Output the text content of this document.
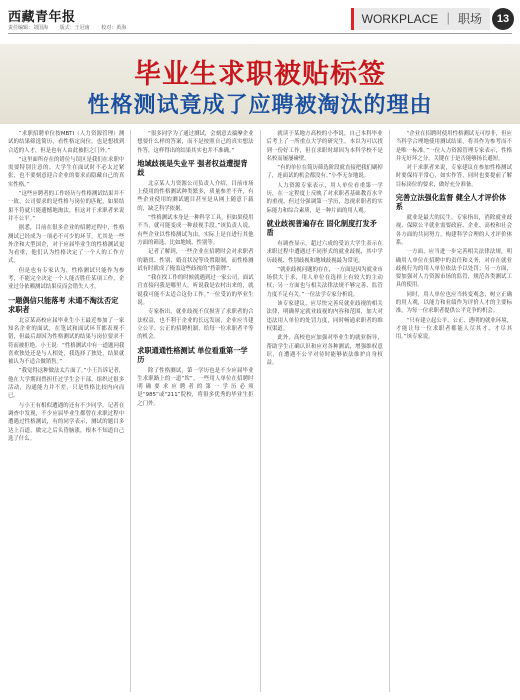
西藏青年报
责任编辑：刘国海 版式：王冠南 校对：黄海
WORKPLACE ｜ 职场	13
毕业生求职被贴标签
性格测试竟成了应聘被淘汰的理由

“求职招聘单位按MBTI（人力资源管理）测试的结果筛选简历，看性格定岗位，也是想找到合适的人才，但是也有人由此被拒之门外。”

“这里面所存在的错位与误区是我们在求职中需要特别注意的。大学生在面试时不必太过紧张，也不要刻意迎合企业的要求而隐藏自己的真实性格。”

“这些应聘者的工作经历与性格测试结果并不一致，公司要求的是性格与岗位的匹配，如果结果不符就只能遗憾地淘汰，但这对于求职者来说并不公平。”

据悉，目前在很多企业的招聘过程中，性格测试已经成为一项必不可少的环节，尤其是一些外企和大型国企，对于应届毕业生的性格测试更为看重，他们认为性格决定了一个人的工作方式。

但是也有专家认为，性格测试只能作为参考，不能完全决定一个人能否胜任某项工作，企业过分依赖测试结果反而会错失人才。

一题偶信只能落考 未通不淘汰否定求职者

北京某高校应届毕业生小王最近参加了一家知名企业的面试，在笔试和面试环节都表现不错，但最后却因为性格测试的结果与岗位要求不符而被拒绝。小王说：“性格测试中有一道题问我喜欢独处还是与人相处，我选择了独处，结果就被认为不适合做销售。”

“我觉得这种做法太片面了。”小王告诉记者，他在大学期间曾担任过学生会干部，组织过很多活动，沟通能力并不差，只是性格比较内向而已。

与小王有相似遭遇的还有不少同学。记者在调查中发现，不少应届毕业生都曾在求职过程中遭遇过性格测试，有的同学表示，测试的题目多达上百道，做完之后头昏脑涨，根本不知道自己选了什么。

“很多同学为了通过测试，会刻意去揣摩企业想要什么样的答案，而不是按照自己的真实想法作答，这样得出的结果其实也并不准确。”

地域歧视是失业平 强者权益遭提背歧

北京某人力资源公司负责人介绍，目前市场上使用的性格测试种类繁多，质量参差不齐，有些企业使用的测试题目甚至是从网上随意下载的，缺乏科学依据。

“性格测试本身是一种科学工具，但如果使用不当，就可能变成一种歧视手段。”该负责人说，有些企业以性格测试为由，实际上是在进行其他方面的筛选，比如地域、性别等。

记者了解到，一些企业在招聘时会对求职者的籍贯、性别、婚育状况等设置限制，而性格测试有时就成了掩盖这些歧视的“挡箭牌”。

“我在找工作的时候就遇到过一家公司，面试官直接问我是哪里人，听说我是农村出来的，就说我可能不太适合这份工作。”一位受访的毕业生说。

专家指出，就业歧视不仅损害了求职者的合法权益，也不利于企业的长远发展，企业应当建立公平、公正的招聘机制，给每一位求职者平等的机会。

求职通通性格测试 单位看重第一学历

除了性格测试，第一学历也是不少应届毕业生求职路上的一道“坎”。一些用人单位在招聘时明确要求应聘者的第一学历必须是“985”或“211”院校，将很多优秀的毕业生拒之门外。

就读于某地方高校的小李说，自己本科毕业后考上了一所重点大学的研究生，本以为可以找到一份好工作，但在求职时却因为本科学校不是名校而屡屡碰壁。

“有的单位在简历筛选阶段就直接把我们刷掉了，连面试的机会都没有。”小李无奈地说。

人力资源专家表示，用人单位看重第一学历，在一定程度上反映了对求职者基础教育水平的重视，但过分强调第一学历，忽视求职者的实际能力和综合素质，是一种片面的用人观。

就业歧视普遍存在 固化制度打发矛盾

有调查显示，超过六成的受访大学生表示在求职过程中遭遇过不同形式的就业歧视，其中学历歧视、性别歧视和地域歧视最为常见。

“就业歧视问题的存在，一方面是因为就业市场供大于求，用人单位在选择上有较大的主动权；另一方面也与相关法律法规不够完善、监管力度不足有关。”一位法学专家分析说。

该专家建议，应尽快完善反就业歧视的相关法律，明确界定就业歧视的内容和范围，加大对违法用人单位的处罚力度，同时畅通求职者的维权渠道。

此外，高校也应加强对毕业生的就业指导，帮助学生正确认识和应对各种测试，增强维权意识，在遭遇不公平对待时能够依法维护自身权益。

“企业在招聘时使用性格测试无可厚非，但应当科学合理地使用测试结果，将其作为参考而不是唯一标准。”一位人力资源管理专家表示，性格并无好坏之分，关键在于是否能够扬长避短。

对于求职者来说，专家建议在参加性格测试时要保持平常心，如实作答，同时也要提前了解目标岗位的要求，做好充分准备。

完善立法强化监督 健全人才评价体系

就业是最大的民生。专家指出，消除就业歧视、保障公平就业需要政府、企业、高校和社会各方面的共同努力，构建科学合理的人才评价体系。

一方面，应当进一步完善相关法律法规，明确用人单位在招聘中的责任和义务，对存在就业歧视行为的用人单位依法予以处罚；另一方面，要加强对人力资源市场的监管，规范各类测试工具的使用。

同时，用人单位也应当转变观念，树立正确的用人观，以能力和业绩作为评价人才的主要标准，为每一位求职者提供公平竞争的机会。

“只有建立起公平、公正、透明的就业环境，才能让每一位求职者都能人尽其才、才尽其用。”该专家说。
